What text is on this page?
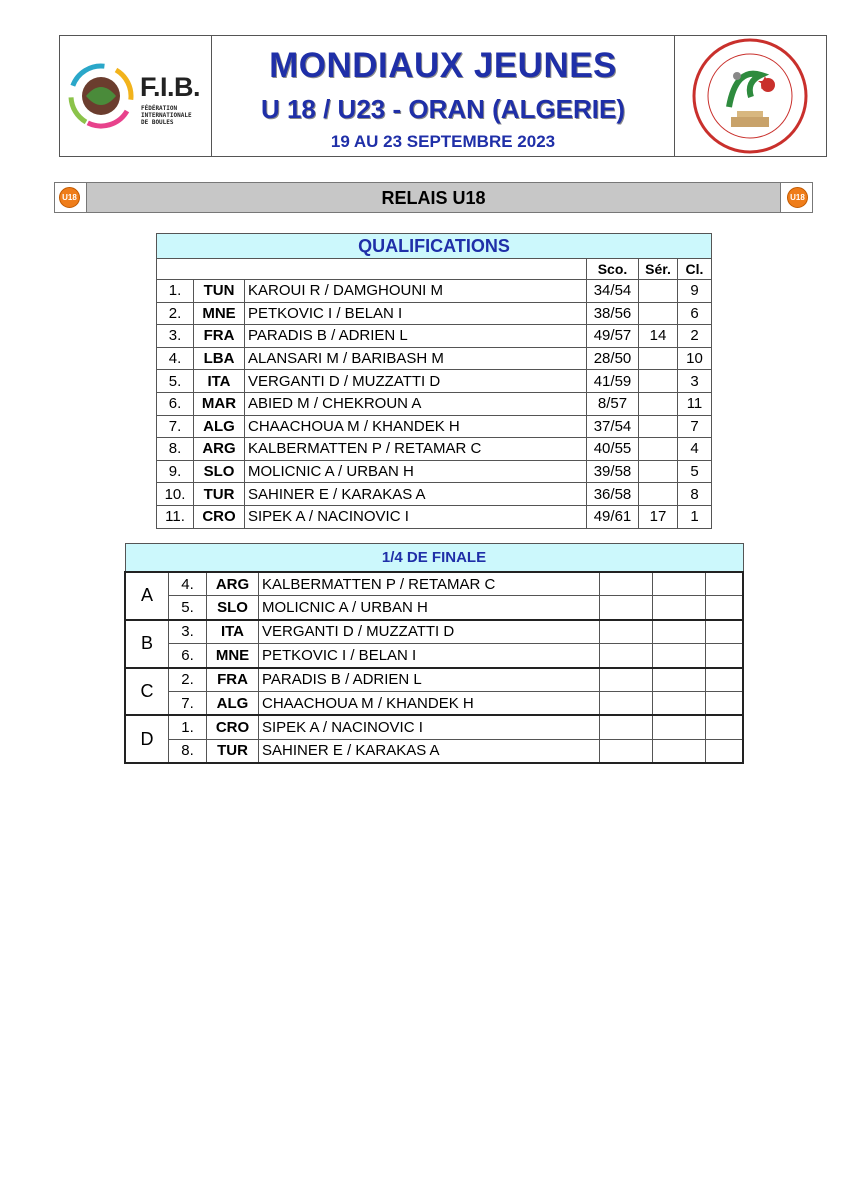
F.I.B.
FÉDÉRATION
INTERNATIONALE
DE BOULES
MONDIAUX JEUNES
U 18 / U23 - ORAN (ALGERIE)
19 AU 23 SEPTEMBRE 2023
U18	RELAIS U18	U18
QUALIFICATIONS					
			Sco.	Sér.	Cl.
1.	TUN	KAROUI R / DAMGHOUNI M	34/54		9
2.	MNE	PETKOVIC I / BELAN I	38/56		6
3.	FRA	PARADIS B / ADRIEN L	49/57	14	2
4.	LBA	ALANSARI M / BARIBASH M	28/50		10
5.	ITA	VERGANTI D / MUZZATTI D	41/59		3
6.	MAR	ABIED M / CHEKROUN A	8/57		11
7.	ALG	CHAACHOUA M / KHANDEK H	37/54		7
8.	ARG	KALBERMATTEN P / RETAMAR C	40/55		4
9.	SLO	MOLICNIC A / URBAN H	39/58		5
10.	TUR	SAHINER E / KARAKAS A	36/58		8
11.	CRO	SIPEK A / NACINOVIC I	49/61	17	1
1/4 DE FINALE						
A	4.	ARG	KALBERMATTEN P / RETAMAR C			
	5.	SLO	MOLICNIC A / URBAN H			
B	3.	ITA	VERGANTI D / MUZZATTI D			
	6.	MNE	PETKOVIC I / BELAN I			
C	2.	FRA	PARADIS B / ADRIEN L			
	7.	ALG	CHAACHOUA M / KHANDEK H			
D	1.	CRO	SIPEK A / NACINOVIC I			
	8.	TUR	SAHINER E / KARAKAS A			
